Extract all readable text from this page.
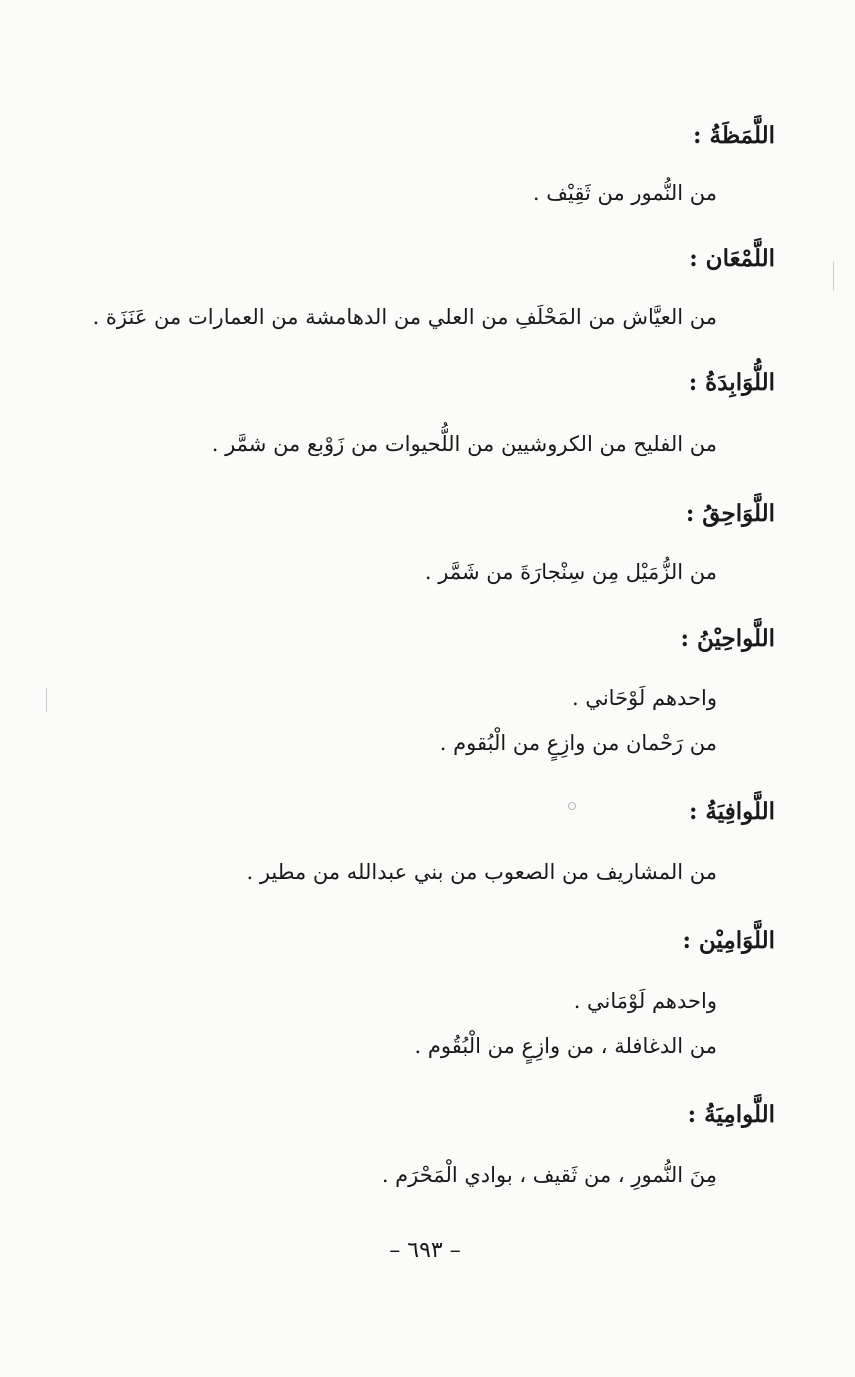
اللَّمَظَةُ :
من النُّمور من ثَقِيْف .
اللَّمْعَان :
من العيَّاش من المَحْلَفِ من العلي من الدهامشة من العمارات من عَنَزَة .
اللُّوَابِدَةُ :
من الفليح من الكروشيين من اللُّحيوات من زَوْبع من شمَّر .
اللَّوَاحِقُ :
من الزُّمَيْل مِن سِنْجارَةَ من شَمَّر .
اللَّواحِيْنُ :
واحدهم لَوْحَاني .
من رَحْمان من وازِعٍ من الْبُقوم .
اللَّوافِيَةُ :
من المشاريف من الصعوب من بني عبدالله من مطير .
اللَّوَامِيْن :
واحدهم لَوْمَاني .
من الدغافلة ، من وازِعٍ من الْبُقُوم .
اللَّوامِيَةُ :
مِنَ النُّمورِ ، من ثَقيف ، بوادي الْمَحْرَم .
– ٦٩٣ –
